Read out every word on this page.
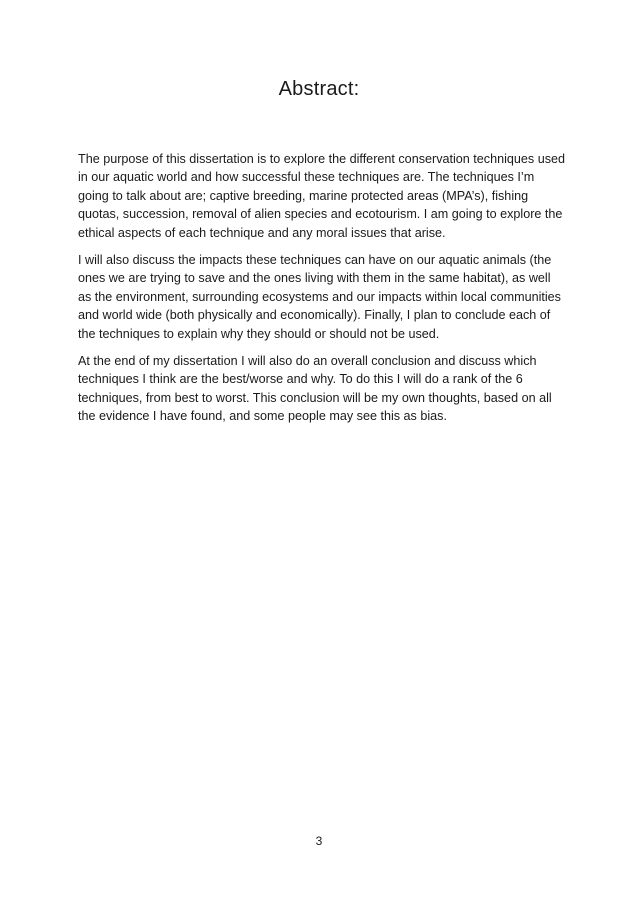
Abstract:

The purpose of this dissertation is to explore the different conservation techniques used in our aquatic world and how successful these techniques are. The techniques I’m going to talk about are; captive breeding, marine protected areas (MPA’s), fishing quotas, succession, removal of alien species and ecotourism. I am going to explore the ethical aspects of each technique and any moral issues that arise.

I will also discuss the impacts these techniques can have on our aquatic animals (the ones we are trying to save and the ones living with them in the same habitat), as well as the environment, surrounding ecosystems and our impacts within local communities and world wide (both physically and economically). Finally, I plan to conclude each of the techniques to explain why they should or should not be used.

At the end of my dissertation I will also do an overall conclusion and discuss which techniques I think are the best/worse and why. To do this I will do a rank of the 6 techniques, from best to worst. This conclusion will be my own thoughts, based on all the evidence I have found, and some people may see this as bias.

3
